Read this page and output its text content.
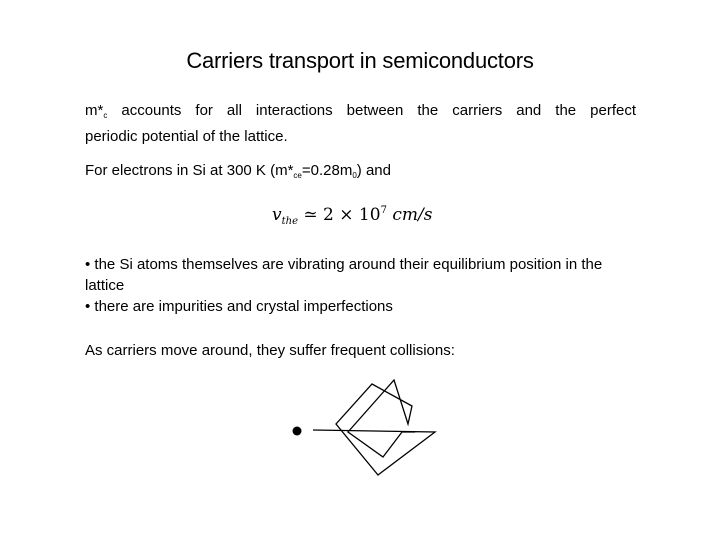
Carriers transport in semiconductors
$m*_c$ accounts for all interactions between the carriers and the perfect
periodic potential of the lattice.
For electrons in Si at 300 K $(m*_{ce}=0.28m_0)$ and
$v_{the}$ ≃ $2 \times 10^7$ cm/s
• the Si atoms themselves are vibrating around their equilibrium position in the lattice
• there are impurities and crystal imperfections
As carriers move around, they suffer frequent collisions:
